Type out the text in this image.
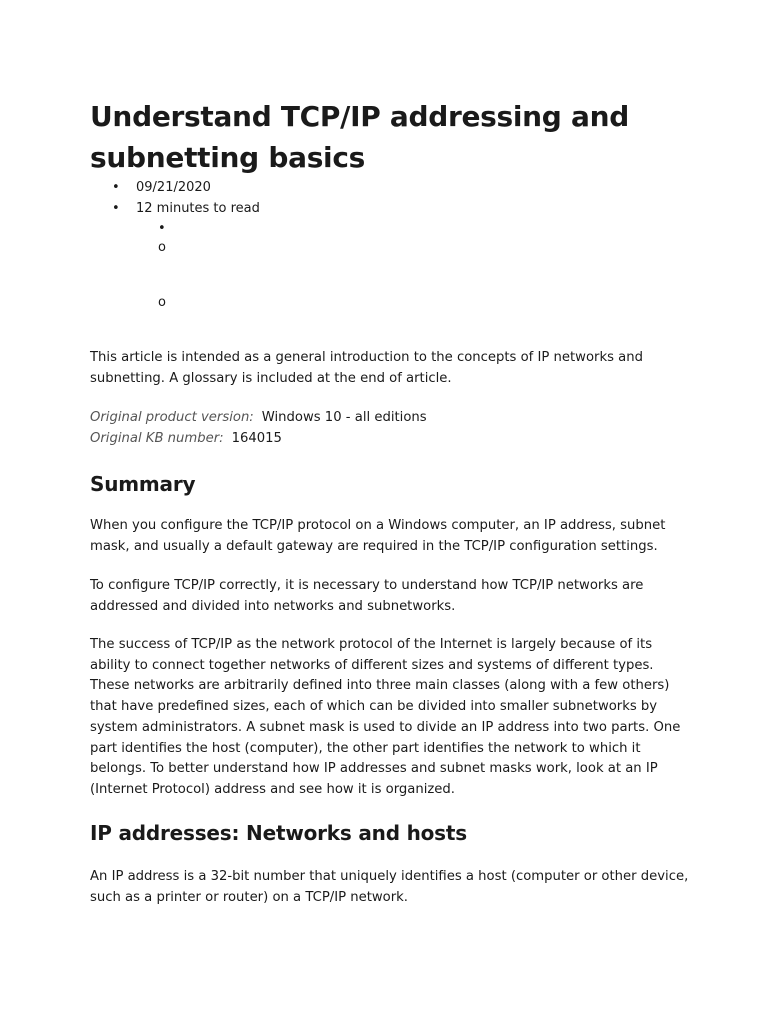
Understand TCP/IP addressing and
subnetting basics
• 09/21/2020
• 12 minutes to read
•
o
o

This article is intended as a general introduction to the concepts of IP networks and subnetting. A glossary is included at the end of article.

Original product version: Windows 10 - all editions

Original KB number: 164015

Summary

When you configure the TCP/IP protocol on a Windows computer, an IP address, subnet mask, and usually a default gateway are required in the TCP/IP configuration settings.

To configure TCP/IP correctly, it is necessary to understand how TCP/IP networks are addressed and divided into networks and subnetworks.

The success of TCP/IP as the network protocol of the Internet is largely because of its ability to connect together networks of different sizes and systems of different types. These networks are arbitrarily defined into three main classes (along with a few others) that have predefined sizes, each of which can be divided into smaller subnetworks by system administrators. A subnet mask is used to divide an IP address into two parts. One part identifies the host (computer), the other part identifies the network to which it belongs. To better understand how IP addresses and subnet masks work, look at an IP (Internet Protocol) address and see how it is organized.

IP addresses: Networks and hosts

An IP address is a 32-bit number that uniquely identifies a host (computer or other device, such as a printer or router) on a TCP/IP network.
